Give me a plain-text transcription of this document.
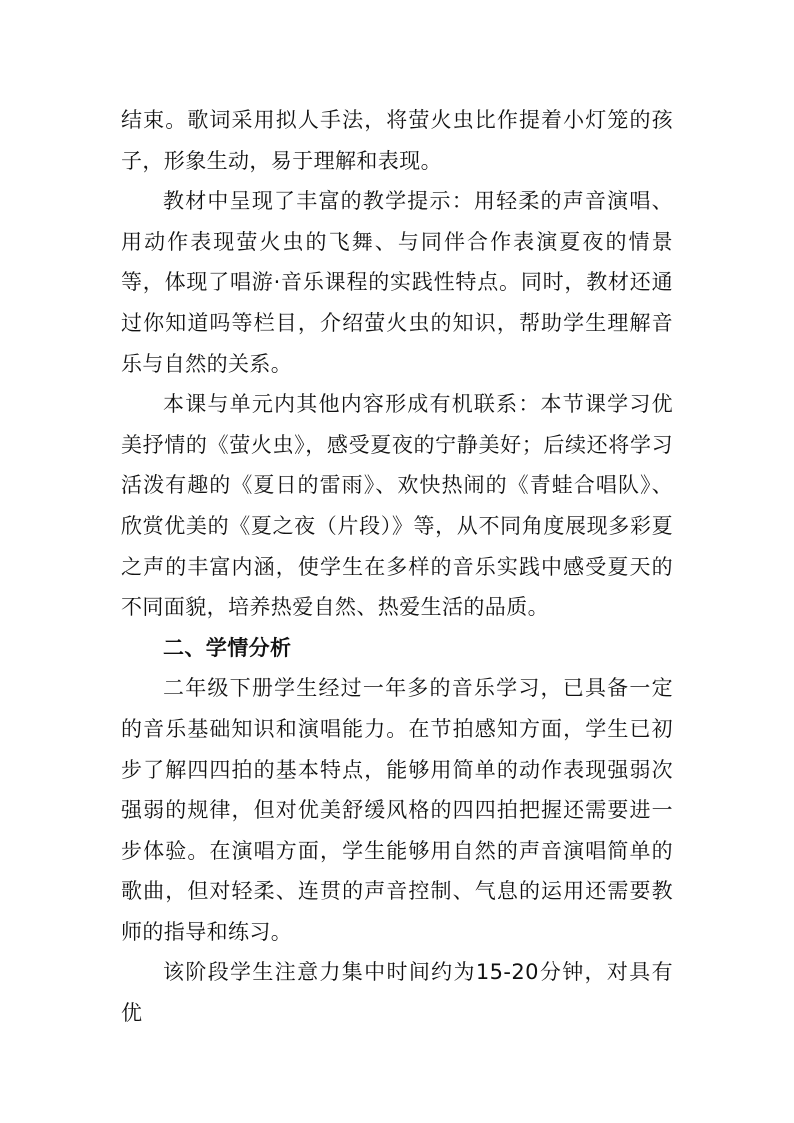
结束。歌词采用拟人手法，将萤火虫比作提着小灯笼的孩子，形象生动，易于理解和表现。

教材中呈现了丰富的教学提示：用轻柔的声音演唱、用动作表现萤火虫的飞舞、与同伴合作表演夏夜的情景等，体现了唱游·音乐课程的实践性特点。同时，教材还通过你知道吗等栏目，介绍萤火虫的知识，帮助学生理解音乐与自然的关系。

本课与单元内其他内容形成有机联系：本节课学习优美抒情的《萤火虫》，感受夏夜的宁静美好；后续还将学习活泼有趣的《夏日的雷雨》、欢快热闹的《青蛙合唱队》、欣赏优美的《夏之夜（片段）》等，从不同角度展现多彩夏之声的丰富内涵，使学生在多样的音乐实践中感受夏天的不同面貌，培养热爱自然、热爱生活的品质。

二、学情分析

二年级下册学生经过一年多的音乐学习，已具备一定的音乐基础知识和演唱能力。在节拍感知方面，学生已初步了解四四拍的基本特点，能够用简单的动作表现强弱次强弱的规律，但对优美舒缓风格的四四拍把握还需要进一步体验。在演唱方面，学生能够用自然的声音演唱简单的歌曲，但对轻柔、连贯的声音控制、气息的运用还需要教师的指导和练习。

该阶段学生注意力集中时间约为15-20分钟，对具有优
